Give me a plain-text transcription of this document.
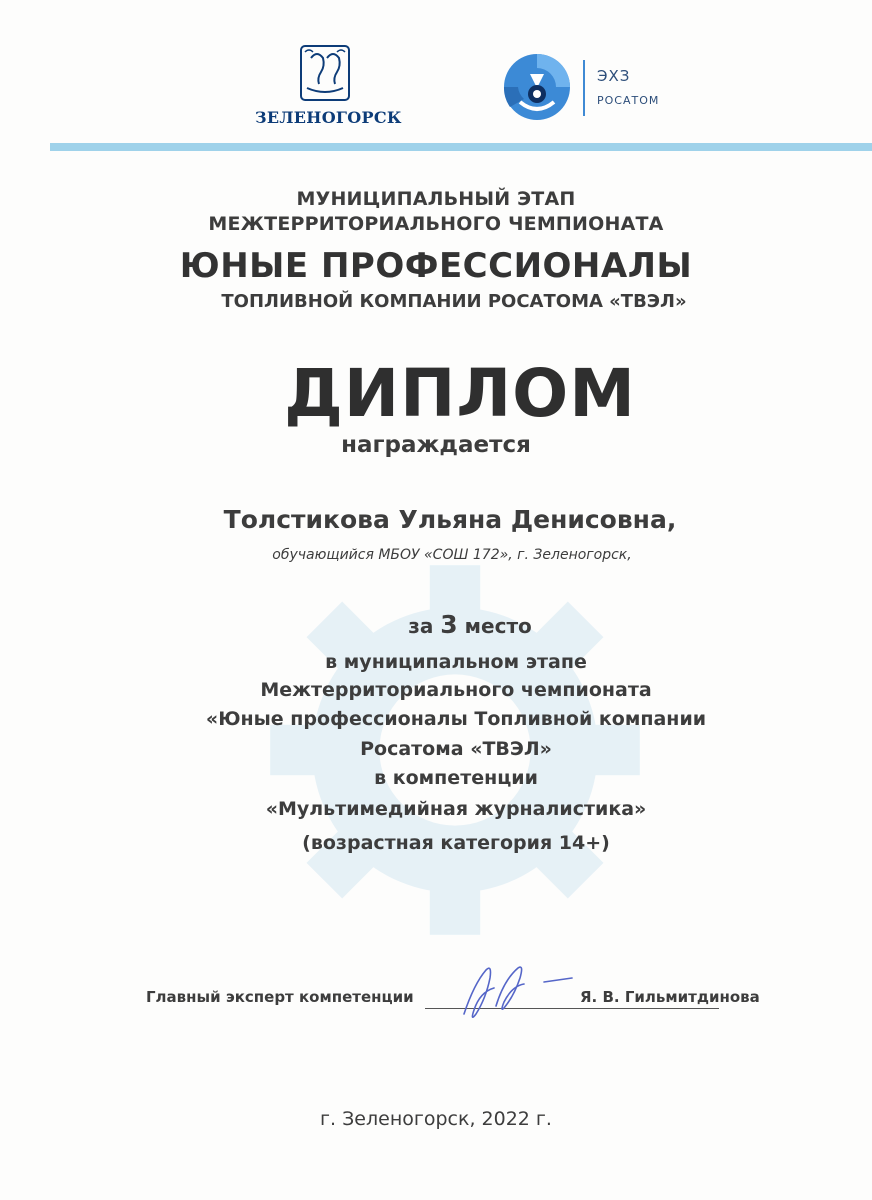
ЗЕЛЕНОГОРСК
ЭХЗ
РОСАТОМ
МУНИЦИПАЛЬНЫЙ ЭТАП
МЕЖТЕРРИТОРИАЛЬНОГО ЧЕМПИОНАТА
ЮНЫЕ ПРОФЕССИОНАЛЫ
ТОПЛИВНОЙ КОМПАНИИ РОСАТОМА «ТВЭЛ»
ДИПЛОМ
награждается
Толстикова Ульяна Денисовна,
обучающийся МБОУ «СОШ 172», г. Зеленогорск,
за 3 место
в муниципальном этапе
Межтерриториального чемпионата
«Юные профессионалы Топливной компании
Росатома «ТВЭЛ»
в компетенции
«Мультимедийная журналистика»
(возрастная категория 14+)
Главный эксперт компетенции	Я. В. Гильмитдинова
г. Зеленогорск, 2022 г.
